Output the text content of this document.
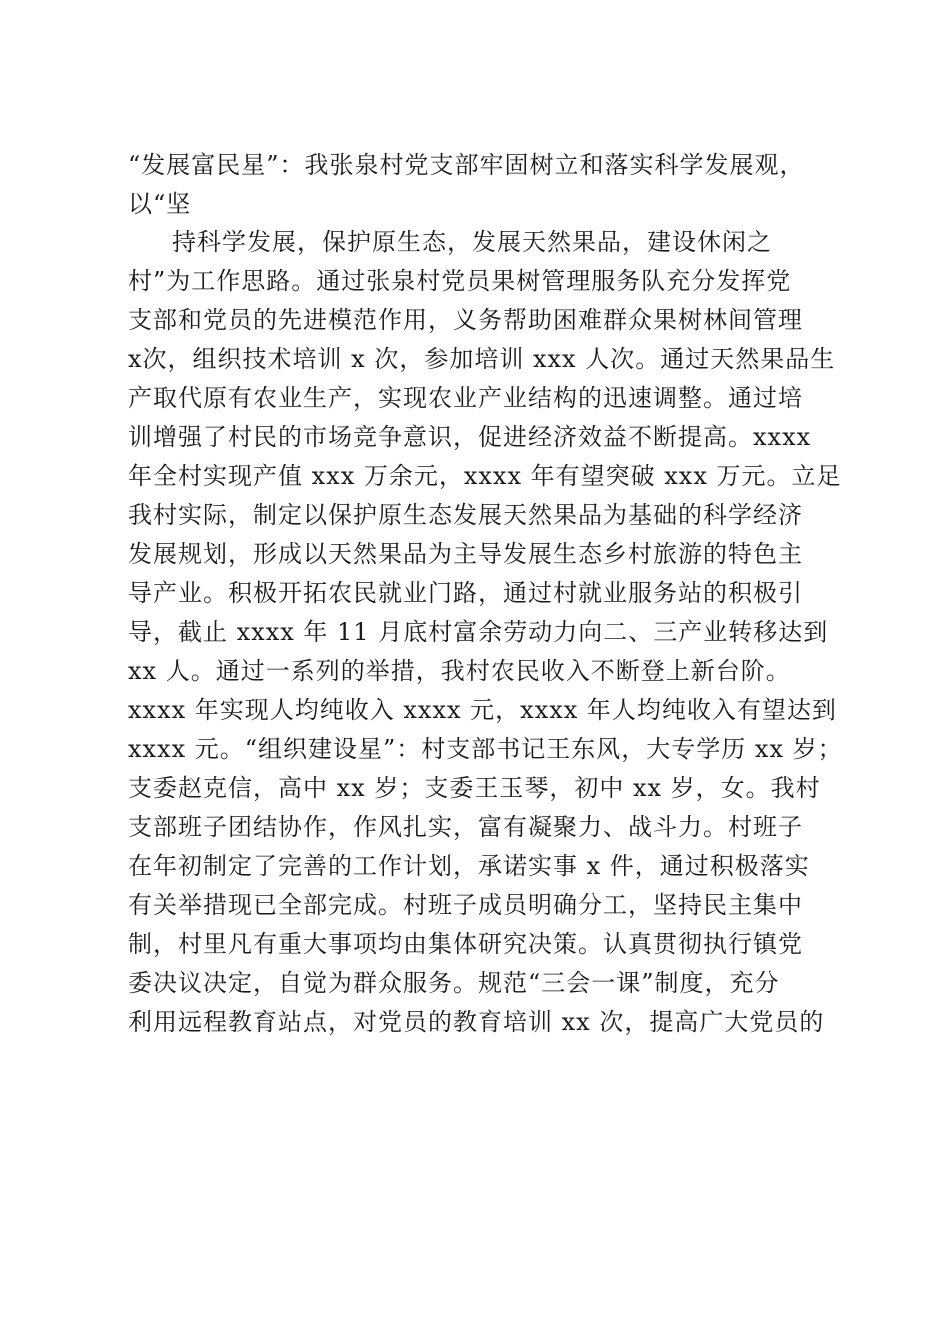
“发展富民星”：我张泉村党支部牢固树立和落实科学发展观，
以“坚
持科学发展，保护原生态，发展天然果品，建设休闲之
村”为工作思路。通过张泉村党员果树管理服务队充分发挥党
支部和党员的先进模范作用，义务帮助困难群众果树林间管理
x次，组织技术培训 x 次，参加培训 xxx 人次。通过天然果品生
产取代原有农业生产，实现农业产业结构的迅速调整。通过培
训增强了村民的市场竞争意识，促进经济效益不断提高。xxxx
年全村实现产值 xxx 万余元，xxxx 年有望突破 xxx 万元。立足
我村实际，制定以保护原生态发展天然果品为基础的科学经济
发展规划，形成以天然果品为主导发展生态乡村旅游的特色主
导产业。积极开拓农民就业门路，通过村就业服务站的积极引
导，截止 xxxx 年 11 月底村富余劳动力向二、三产业转移达到
xx 人。通过一系列的举措，我村农民收入不断登上新台阶。
xxxx 年实现人均纯收入 xxxx 元，xxxx 年人均纯收入有望达到
xxxx 元。“组织建设星”：村支部书记王东风，大专学历 xx 岁；
支委赵克信，高中 xx 岁；支委王玉琴，初中 xx 岁，女。我村
支部班子团结协作，作风扎实，富有凝聚力、战斗力。村班子
在年初制定了完善的工作计划，承诺实事 x 件，通过积极落实
有关举措现已全部完成。村班子成员明确分工，坚持民主集中
制，村里凡有重大事项均由集体研究决策。认真贯彻执行镇党
委决议决定，自觉为群众服务。规范“三会一课”制度，充分
利用远程教育站点，对党员的教育培训 xx 次，提高广大党员的
